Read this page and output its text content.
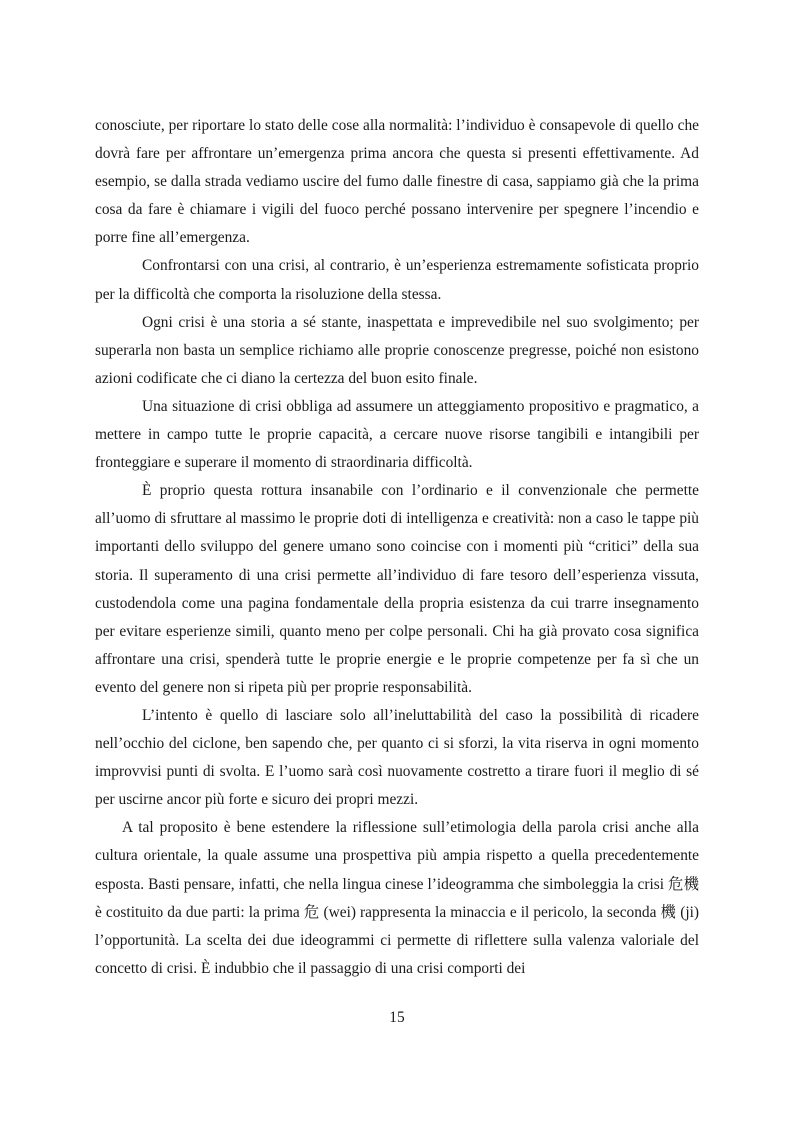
conosciute, per riportare lo stato delle cose alla normalità: l’individuo è consapevole di quello che dovrà fare per affrontare un’emergenza prima ancora che questa si presenti effettivamente. Ad esempio, se dalla strada vediamo uscire del fumo dalle finestre di casa, sappiamo già che la prima cosa da fare è chiamare i vigili del fuoco perché possano intervenire per spegnere l’incendio e porre fine all’emergenza.

Confrontarsi con una crisi, al contrario, è un’esperienza estremamente sofisticata proprio per la difficoltà che comporta la risoluzione della stessa.

Ogni crisi è una storia a sé stante, inaspettata e imprevedibile nel suo svolgimento; per superarla non basta un semplice richiamo alle proprie conoscenze pregresse, poiché non esistono azioni codificate che ci diano la certezza del buon esito finale.

Una situazione di crisi obbliga ad assumere un atteggiamento propositivo e pragmatico, a mettere in campo tutte le proprie capacità, a cercare nuove risorse tangibili e intangibili per fronteggiare e superare il momento di straordinaria difficoltà.

È proprio questa rottura insanabile con l’ordinario e il convenzionale che permette all’uomo di sfruttare al massimo le proprie doti di intelligenza e creatività: non a caso le tappe più importanti dello sviluppo del genere umano sono coincise con i momenti più “critici” della sua storia. Il superamento di una crisi permette all’individuo di fare tesoro dell’esperienza vissuta, custodendola come una pagina fondamentale della propria esistenza da cui trarre insegnamento per evitare esperienze simili, quanto meno per colpe personali. Chi ha già provato cosa significa affrontare una crisi, spenderà tutte le proprie energie e le proprie competenze per fa sì che un evento del genere non si ripeta più per proprie responsabilità.

L’intento è quello di lasciare solo all’ineluttabilità del caso la possibilità di ricadere nell’occhio del ciclone, ben sapendo che, per quanto ci si sforzi, la vita riserva in ogni momento improvvisi punti di svolta. E l’uomo sarà così nuovamente costretto a tirare fuori il meglio di sé per uscirne ancor più forte e sicuro dei propri mezzi.

A tal proposito è bene estendere la riflessione sull’etimologia della parola crisi anche alla cultura orientale, la quale assume una prospettiva più ampia rispetto a quella precedentemente esposta. Basti pensare, infatti, che nella lingua cinese l’ideogramma che simboleggia la crisi 危機 è costituito da due parti: la prima 危 (wei) rappresenta la minaccia e il pericolo, la seconda 機 (ji) l’opportunità. La scelta dei due ideogrammi ci permette di riflettere sulla valenza valoriale del concetto di crisi. È indubbio che il passaggio di una crisi comporti dei

15
